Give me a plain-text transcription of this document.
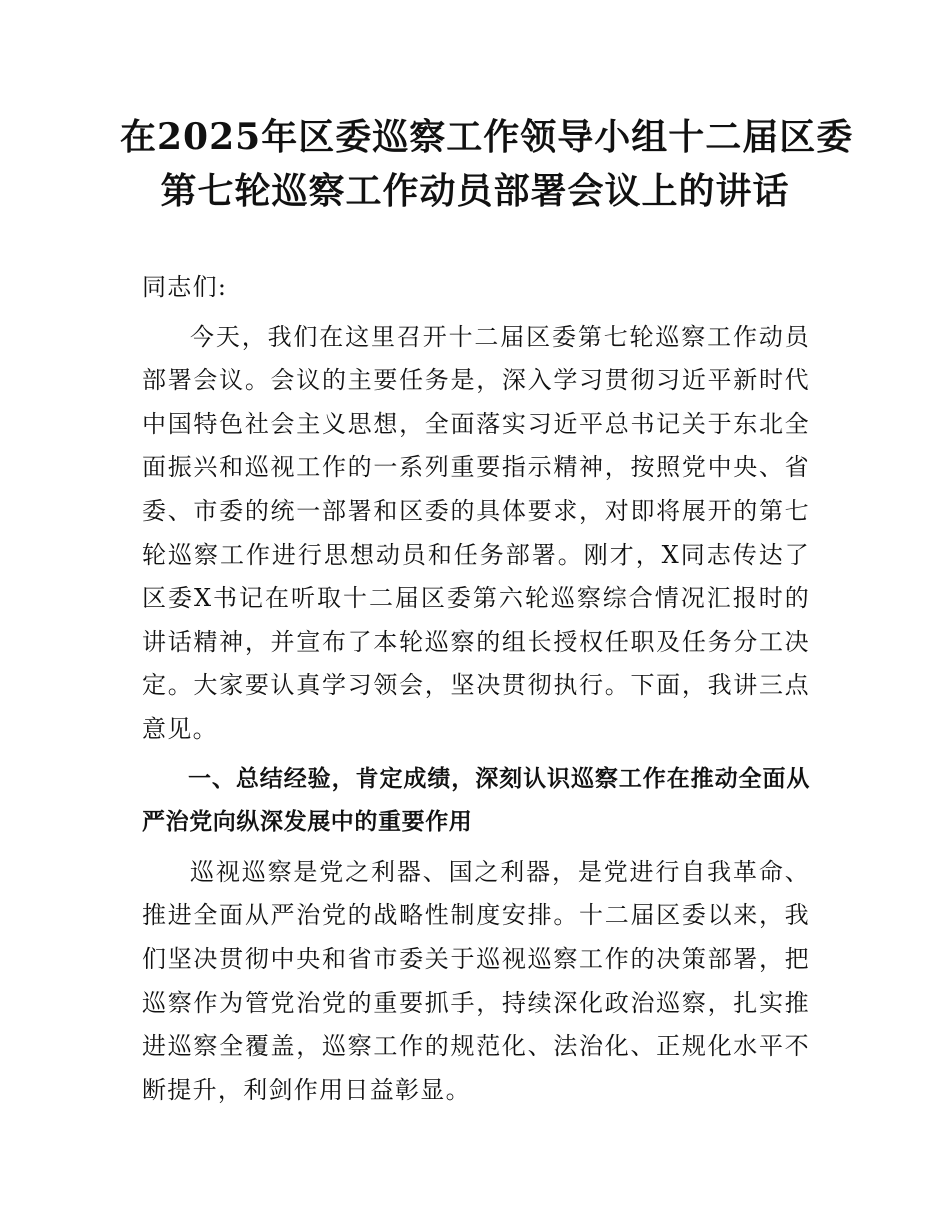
在2025年区委巡察工作领导小组十二届区委
第七轮巡察工作动员部署会议上的讲话

同志们:

今天，我们在这里召开十二届区委第七轮巡察工作动员部署会议。会议的主要任务是，深入学习贯彻习近平新时代中国特色社会主义思想，全面落实习近平总书记关于东北全面振兴和巡视工作的一系列重要指示精神，按照党中央、省委、市委的统一部署和区委的具体要求，对即将展开的第七轮巡察工作进行思想动员和任务部署。刚才，X同志传达了区委X书记在听取十二届区委第六轮巡察综合情况汇报时的讲话精神，并宣布了本轮巡察的组长授权任职及任务分工决定。大家要认真学习领会，坚决贯彻执行。下面，我讲三点意见。

一、总结经验，肯定成绩，深刻认识巡察工作在推动全面从严治党向纵深发展中的重要作用

巡视巡察是党之利器、国之利器，是党进行自我革命、推进全面从严治党的战略性制度安排。十二届区委以来，我们坚决贯彻中央和省市委关于巡视巡察工作的决策部署，把巡察作为管党治党的重要抓手，持续深化政治巡察，扎实推进巡察全覆盖，巡察工作的规范化、法治化、正规化水平不断提升，利剑作用日益彰显。
